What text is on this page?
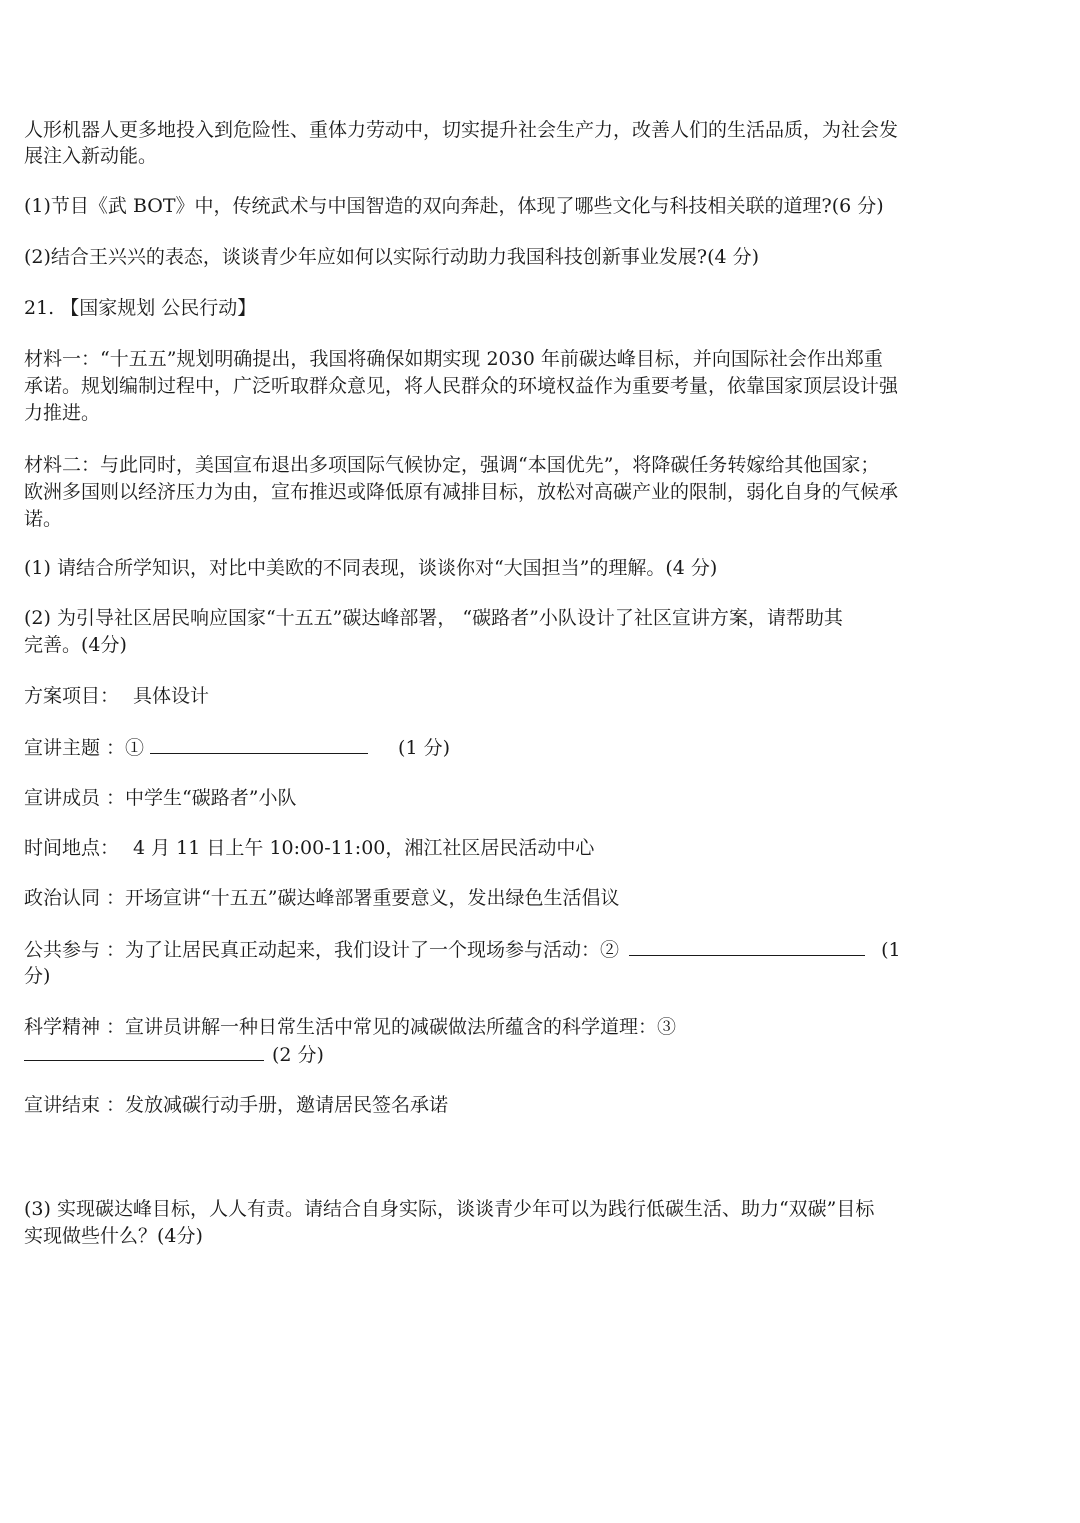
人形机器人更多地投入到危险性、重体力劳动中，切实提升社会生产力，改善人们的生活品质，为社会发
展注入新动能。
(1)节目《武 BOT》中，传统武术与中国智造的双向奔赴，体现了哪些文化与科技相关联的道理?(6 分)
(2)结合王兴兴的表态，谈谈青少年应如何以实际行动助力我国科技创新事业发展?(4 分)
21. 【国家规划 公民行动】
材料一：“十五五”规划明确提出，我国将确保如期实现 2030 年前碳达峰目标，并向国际社会作出郑重
承诺。规划编制过程中，广泛听取群众意见，将人民群众的环境权益作为重要考量，依靠国家顶层设计强
力推进。
材料二：与此同时，美国宣布退出多项国际气候协定，强调“本国优先”，将降碳任务转嫁给其他国家；
欧洲多国则以经济压力为由，宣布推迟或降低原有减排目标，放松对高碳产业的限制，弱化自身的气候承
诺。
(1) 请结合所学知识，对比中美欧的不同表现，谈谈你对“大国担当”的理解。(4 分)
(2) 为引导社区居民响应国家“十五五”碳达峰部署， “碳路者”小队设计了社区宣讲方案，请帮助其
完善。(4分)
方案项目： 具体设计
宣讲主题 ：①	(1 分)
宣讲成员 ：中学生“碳路者”小队
时间地点： 4 月 11 日上午 10:00-11:00，湘江社区居民活动中心
政治认同 ：开场宣讲“十五五”碳达峰部署重要意义，发出绿色生活倡议
公共参与 ：为了让居民真正动起来，我们设计了一个现场参与活动：②	(1
分)
科学精神 ：宣讲员讲解一种日常生活中常见的减碳做法所蕴含的科学道理：③
(2 分)
宣讲结束 ：发放减碳行动手册，邀请居民签名承诺
(3) 实现碳达峰目标，人人有责。请结合自身实际，谈谈青少年可以为践行低碳生活、助力“双碳”目标
实现做些什么？(4分)
